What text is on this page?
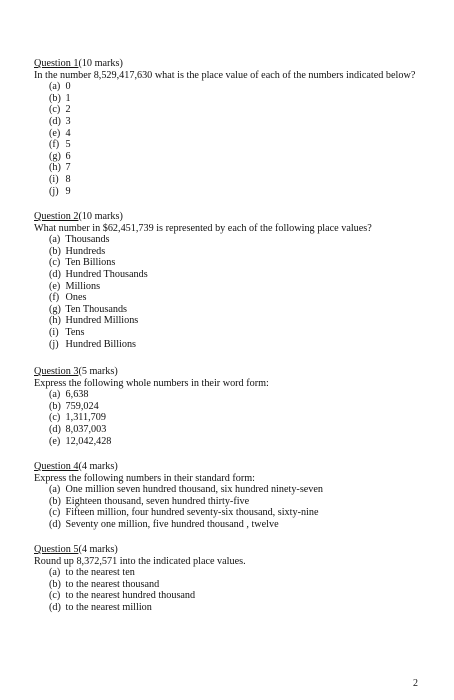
Question 1(10 marks)
In the number 8,529,417,630 what is the place value of each of the numbers indicated below?
(a) 0
(b) 1
(c) 2
(d) 3
(e) 4
(f) 5
(g) 6
(h) 7
(i) 8
(j) 9
Question 2(10 marks)
What number in $62,451,739 is represented by each of the following place values?
(a) Thousands
(b) Hundreds
(c) Ten Billions
(d) Hundred Thousands
(e) Millions
(f) Ones
(g) Ten Thousands
(h) Hundred Millions
(i) Tens
(j) Hundred Billions
Question 3(5 marks)
Express the following whole numbers in their word form:
(a) 6,638
(b) 759,024
(c) 1,311,709
(d) 8,037,003
(e) 12,042,428
Question 4(4 marks)
Express the following numbers in their standard form:
(a) One million seven hundred thousand, six hundred ninety-seven
(b) Eighteen thousand, seven hundred thirty-five
(c) Fifteen million, four hundred seventy-six thousand, sixty-nine
(d) Seventy one million, five hundred thousand , twelve
Question 5(4 marks)
Round up 8,372,571 into the indicated place values.
(a) to the nearest ten
(b) to the nearest thousand
(c) to the nearest hundred thousand
(d) to the nearest million
2
